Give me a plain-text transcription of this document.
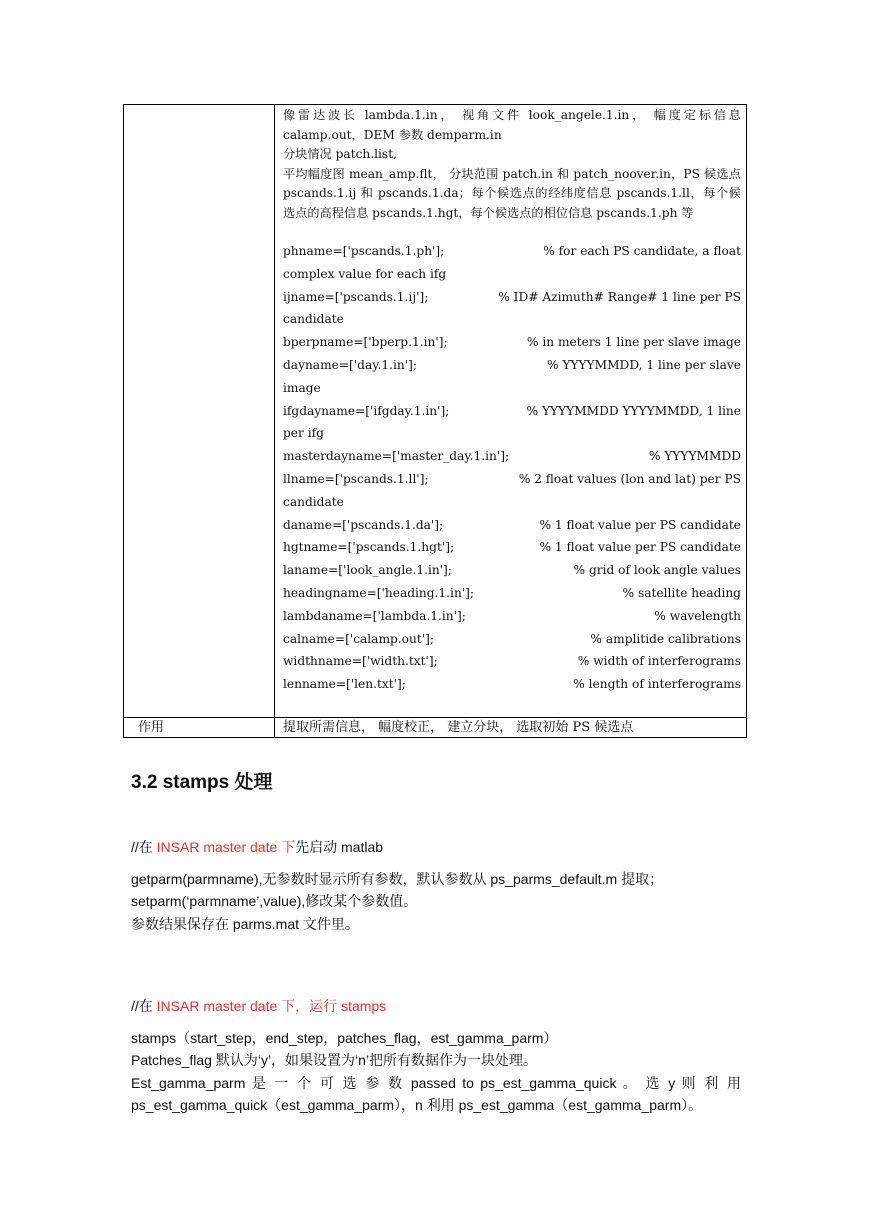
像雷达波长 lambda.1.in， 视角文件 look_angele.1.in， 幅度定标信息 calamp.out，DEM 参数 demparm.in

分块情况 patch.list,

平均幅度图 mean_amp.flt， 分块范围 patch.in 和 patch_noover.in，PS 候选点 pscands.1.ij 和 pscands.1.da；每个候选点的经纬度信息 pscands.1.ll，每个候选点的高程信息 pscands.1.hgt，每个候选点的相位信息 pscands.1.ph 等

phname=['pscands.1.ph'];	% for each PS candidate, a float
complex value for each ifg
ijname=['pscands.1.ij'];	% ID# Azimuth# Range# 1 line per PS
candidate
bperpname=['bperp.1.in'];	% in meters 1 line per slave image
dayname=['day.1.in'];	% YYYYMMDD, 1 line per slave
image
ifgdayname=['ifgday.1.in'];	% YYYYMMDD YYYYMMDD, 1 line
per ifg
masterdayname=['master_day.1.in'];	% YYYYMMDD
llname=['pscands.1.ll'];	% 2 float values (lon and lat) per PS
candidate
daname=['pscands.1.da'];	% 1 float value per PS candidate
hgtname=['pscands.1.hgt'];	% 1 float value per PS candidate
laname=['look_angle.1.in'];	% grid of look angle values
headingname=['heading.1.in'];	% satellite heading
lambdaname=['lambda.1.in'];	% wavelength
calname=['calamp.out'];	% amplitide calibrations
widthname=['width.txt'];	% width of interferograms
lenname=['len.txt'];	% length of interferograms
作用	提取所需信息， 幅度校正， 建立分块， 选取初始 PS 候选点
3.2 stamps 处理

//在 INSAR master date 下先启动 matlab

getparm(parmname),无参数时显示所有参数，默认参数从 ps_parms_default.m 提取；

setparm(‘parmname’,value),修改某个参数值。

参数结果保存在 parms.mat 文件里。

//在 INSAR master date 下，运行 stamps

stamps（start_step，end_step，patches_flag，est_gamma_parm）

Patches_flag 默认为‘y’，如果设置为‘n’把所有数据作为一块处理。

Est_gamma_parm 是 一 个 可 选 参 数 passed to ps_est_gamma_quick 。 选 y 则 利 用

ps_est_gamma_quick（est_gamma_parm），n 利用 ps_est_gamma（est_gamma_parm）。
